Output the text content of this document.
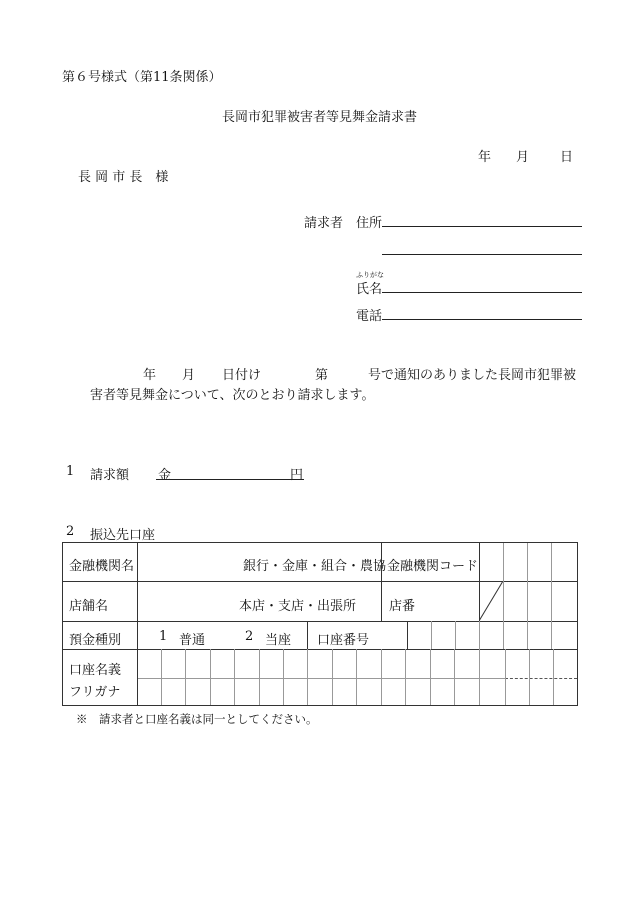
第６号様式（第11条関係）
長岡市犯罪被害者等見舞金請求書
年 月 日
長 岡 市 長　様
請求者 住所
ふりがな
氏名
電話
年 月 日付け	第	号で通知のありました長岡市犯罪被
害者等見舞金について、次のとおり請求します。
1 請求額 金	円
2 振込先口座
金融機関名	銀行・金庫・組合・農協 金融機関コード
店舗名	本店・支店・出張所	店番
預金種別	1 普通	2 当座 口座番号
口座名義
フリガナ
※　請求者と口座名義は同一としてください。
